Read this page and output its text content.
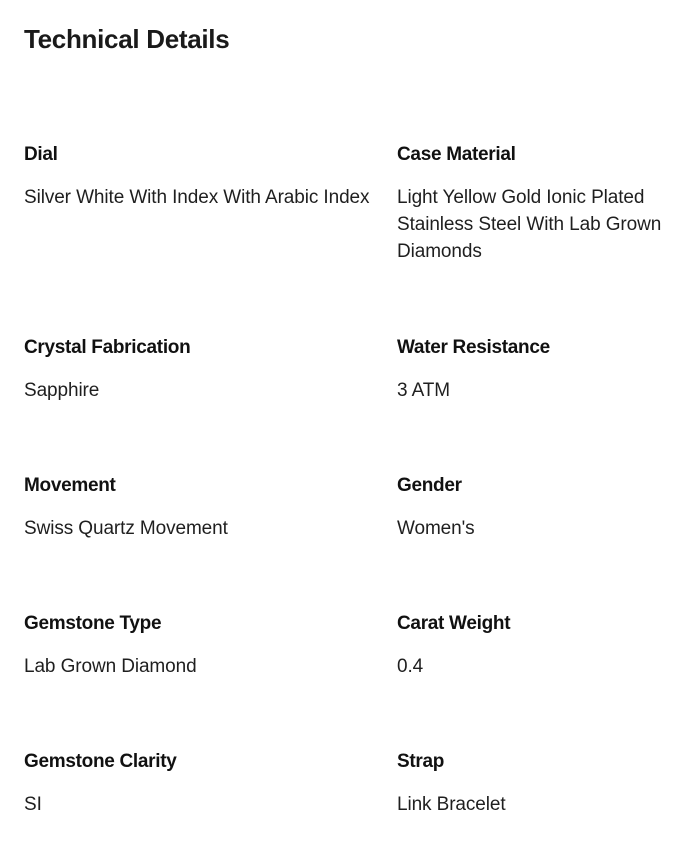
Technical Details
Dial
Silver White With Index With Arabic Index
Case Material
Light Yellow Gold Ionic Plated Stainless Steel With Lab Grown Diamonds
Crystal Fabrication
Sapphire
Water Resistance
3 ATM
Movement
Swiss Quartz Movement
Gender
Women's
Gemstone Type
Lab Grown Diamond
Carat Weight
0.4
Gemstone Clarity
SI
Strap
Link Bracelet
